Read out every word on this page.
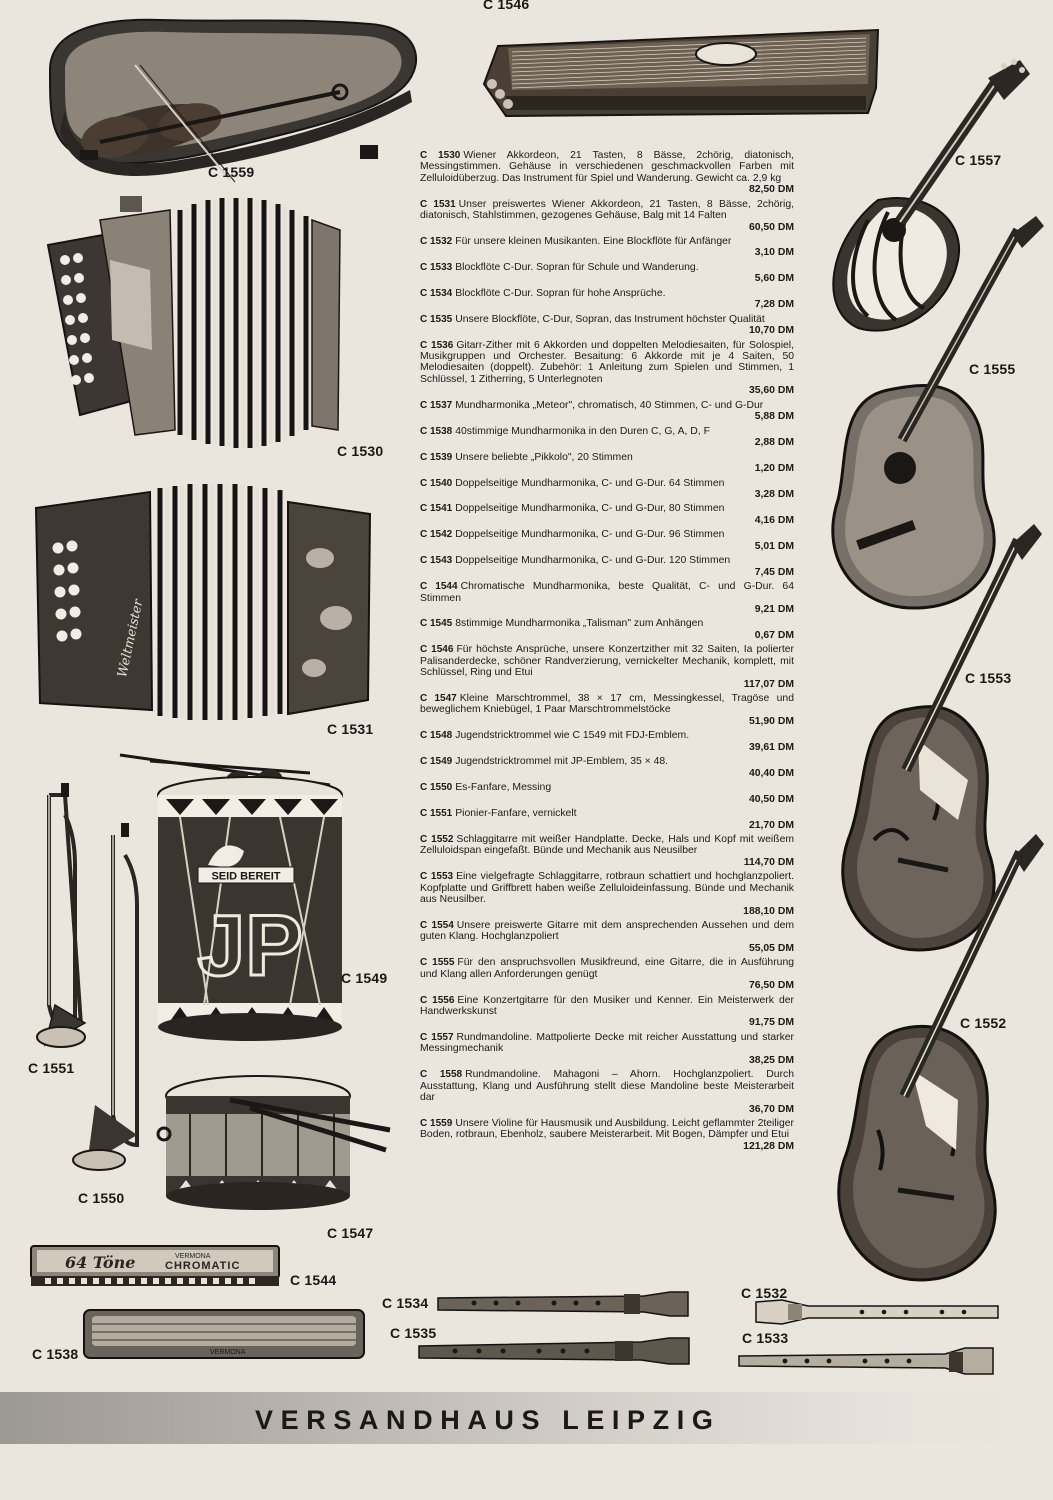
C 1559
C 1546
C 1530
Weltmeister
C 1531
C 1551
C 1550
SEID BEREIT
JP	C 1549
C 1547
64 Töne	VERMONA
CHROMATIC
C 1544
VERMONA
C 1538
C 1534
C 1535
C 1532
C 1533
C 1557
C 1555
C 1553
C 1552
C 1530 Wiener Akkordeon, 21 Tasten, 8 Bässe, 2chörig, diatonisch, Messingstimmen. Gehäuse in verschiedenen geschmackvollen Farben mit Zelluloidüberzug. Das Instrument für Spiel und Wanderung. Gewicht ca. 2,9 kg
82,50 DM
C 1531 Unser preiswertes Wiener Akkordeon, 21 Tasten, 8 Bässe, 2chörig, diatonisch, Stahlstimmen, gezogenes Gehäuse, Balg mit 14 Falten
60,50 DM
C 1532 Für unsere kleinen Musikanten. Eine Blockflöte für Anfänger
3,10 DM
C 1533 Blockflöte C-Dur. Sopran für Schule und Wanderung.
5,60 DM
C 1534 Blockflöte C-Dur. Sopran für hohe Ansprüche.
7,28 DM
C 1535 Unsere Blockflöte, C-Dur, Sopran, das Instrument höchster Qualität
10,70 DM
C 1536 Gitarr-Zither mit 6 Akkorden und doppelten Melodiesaiten, für Solospiel, Musikgruppen und Orchester. Besaitung: 6 Akkorde mit je 4 Saiten, 50 Melodiesaiten (doppelt). Zubehör: 1 Anleitung zum Spielen und Stimmen, 1 Schlüssel, 1 Zitherring, 5 Unterlegnoten
35,60 DM
C 1537 Mundharmonika „Meteor", chromatisch, 40 Stimmen, C- und G-Dur
5,88 DM
C 1538 40stimmige Mundharmonika in den Duren C, G, A, D, F
2,88 DM
C 1539 Unsere beliebte „Pikkolo", 20 Stimmen
1,20 DM
C 1540 Doppelseitige Mundharmonika, C- und G-Dur. 64 Stimmen
3,28 DM
C 1541 Doppelseitige Mundharmonika, C- und G-Dur, 80 Stimmen
4,16 DM
C 1542 Doppelseitige Mundharmonika, C- und G-Dur. 96 Stimmen
5,01 DM
C 1543 Doppelseitige Mundharmonika, C- und G-Dur. 120 Stimmen
7,45 DM
C 1544 Chromatische Mundharmonika, beste Qualität, C- und G-Dur. 64 Stimmen
9,21 DM
C 1545 8stimmige Mundharmonika „Talisman" zum Anhängen
0,67 DM
C 1546 Für höchste Ansprüche, unsere Konzertzither mit 32 Saiten, Ia polierter Palisanderdecke, schöner Randverzierung, vernickelter Mechanik, komplett, mit Schlüssel, Ring und Etui
117,07 DM
C 1547 Kleine Marschtrommel, 38 × 17 cm, Messingkessel, Tragöse und beweglichem Kniebügel, 1 Paar Marschtrommelstöcke
51,90 DM
C 1548 Jugendstricktrommel wie C 1549 mit FDJ-Emblem.
39,61 DM
C 1549 Jugendstricktrommel mit JP-Emblem, 35 × 48.
40,40 DM
C 1550 Es-Fanfare, Messing
40,50 DM
C 1551 Pionier-Fanfare, vernickelt
21,70 DM
C 1552 Schlaggitarre mit weißer Handplatte. Decke, Hals und Kopf mit weißem Zelluloidspan eingefaßt. Bünde und Mechanik aus Neusilber
114,70 DM
C 1553 Eine vielgefragte Schlaggitarre, rotbraun schattiert und hochglanzpoliert. Kopfplatte und Griffbrett haben weiße Zelluloideinfassung. Bünde und Mechanik aus Neusilber.
188,10 DM
C 1554 Unsere preiswerte Gitarre mit dem ansprechenden Aussehen und dem guten Klang. Hochglanzpoliert
55,05 DM
C 1555 Für den anspruchsvollen Musikfreund, eine Gitarre, die in Ausführung und Klang allen Anforderungen genügt
76,50 DM
C 1556 Eine Konzertgitarre für den Musiker und Kenner. Ein Meisterwerk der Handwerkskunst
91,75 DM
C 1557 Rundmandoline. Mattpolierte Decke mit reicher Ausstattung und starker Messingmechanik
38,25 DM
C 1558 Rundmandoline. Mahagoni – Ahorn. Hochglanzpoliert. Durch Ausstattung, Klang und Ausführung stellt diese Mandoline beste Meisterarbeit dar
36,70 DM
C 1559 Unsere Violine für Hausmusik und Ausbildung. Leicht geflammter 2teiliger Boden, rotbraun, Ebenholz, saubere Meisterarbeit. Mit Bogen, Dämpfer und Etui
121,28 DM
VERSANDHAUS LEIPZIG
